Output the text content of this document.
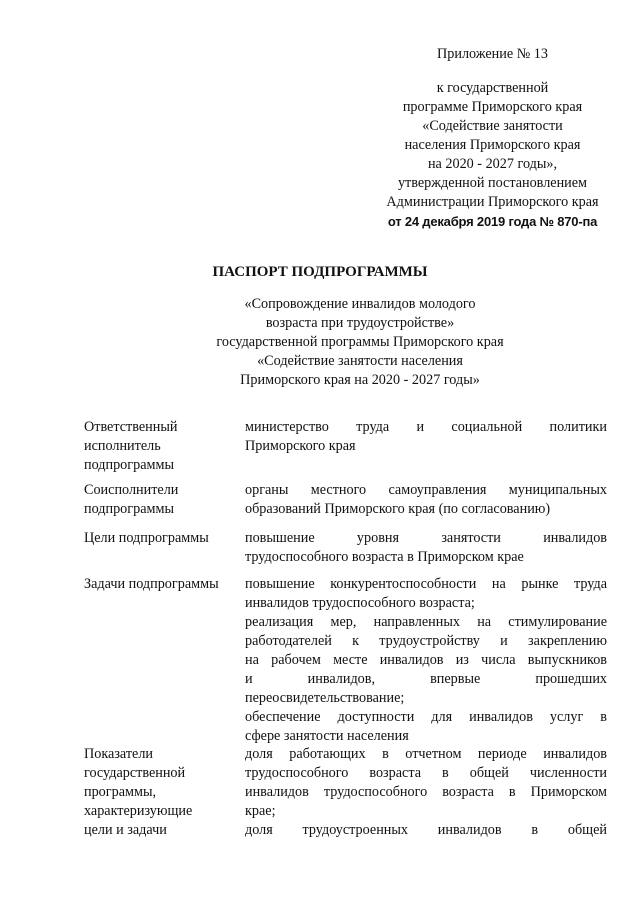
Приложение № 13
к государственной
программе Приморского края
«Содействие занятости
населения Приморского края
на 2020 - 2027 годы»,
утвержденной постановлением
Администрации Приморского края
от 24 декабря 2019 года № 870-па
ПАСПОРТ ПОДПРОГРАММЫ
«Сопровождение инвалидов молодого
возраста при трудоустройстве»
государственной программы Приморского края
«Содействие занятости населения
Приморского края на 2020 - 2027 годы»
Ответственный
исполнитель
подпрограммы
министерство труда и социальной политики
Приморского края
Соисполнители
подпрограммы
органы местного самоуправления муниципальных
образований Приморского края (по согласованию)
Цели подпрограммы	повышение уровня занятости инвалидов
трудоспособного возраста в Приморском крае
Задачи подпрограммы	повышение конкурентоспособности на рынке труда
инвалидов трудоспособного возраста;
реализация мер, направленных на стимулирование
работодателей к трудоустройству и закреплению
на рабочем месте инвалидов из числа выпускников
и инвалидов, впервые прошедших
переосвидетельствование;
обеспечение доступности для инвалидов услуг в
сфере занятости населения
Показатели
государственной
программы,
характеризующие
цели и задачи
доля работающих в отчетном периоде инвалидов
трудоспособного возраста в общей численности
инвалидов трудоспособного возраста в Приморском
крае;
доля трудоустроенных инвалидов в общей
